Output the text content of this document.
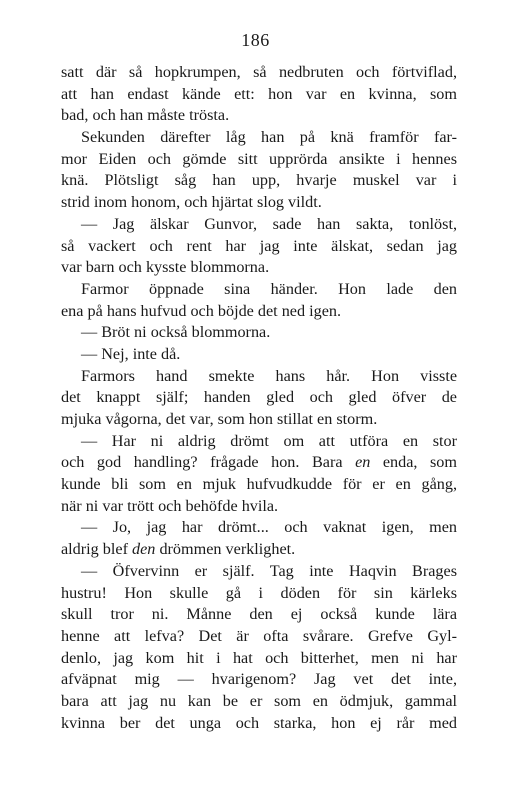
186
satt där så hopkrumpen, så nedbruten och förtviflad,
att han endast kände ett: hon var en kvinna, som
bad, och han måste trösta.
Sekunden därefter låg han på knä framför far-
mor Eiden och gömde sitt upprörda ansikte i hennes
knä. Plötsligt såg han upp, hvarje muskel var i
strid inom honom, och hjärtat slog vildt.
— Jag älskar Gunvor, sade han sakta, tonlöst,
så vackert och rent har jag inte älskat, sedan jag
var barn och kysste blommorna.
Farmor öppnade sina händer. Hon lade den
ena på hans hufvud och böjde det ned igen.
— Bröt ni också blommorna.
— Nej, inte då.
Farmors hand smekte hans hår. Hon visste
det knappt själf; handen gled och gled öfver de
mjuka vågorna, det var, som hon stillat en storm.
— Har ni aldrig drömt om att utföra en stor
och god handling? frågade hon. Bara en enda, som
kunde bli som en mjuk hufvudkudde för er en gång,
när ni var trött och behöfde hvila.
— Jo, jag har drömt... och vaknat igen, men
aldrig blef den drömmen verklighet.
— Öfvervinn er själf. Tag inte Haqvin Brages
hustru! Hon skulle gå i döden för sin kärleks
skull tror ni. Månne den ej också kunde lära
henne att lefva? Det är ofta svårare. Grefve Gyl-
denlo, jag kom hit i hat och bitterhet, men ni har
afväpnat mig — hvarigenom? Jag vet det inte,
bara att jag nu kan be er som en ödmjuk, gammal
kvinna ber det unga och starka, hon ej rår med
